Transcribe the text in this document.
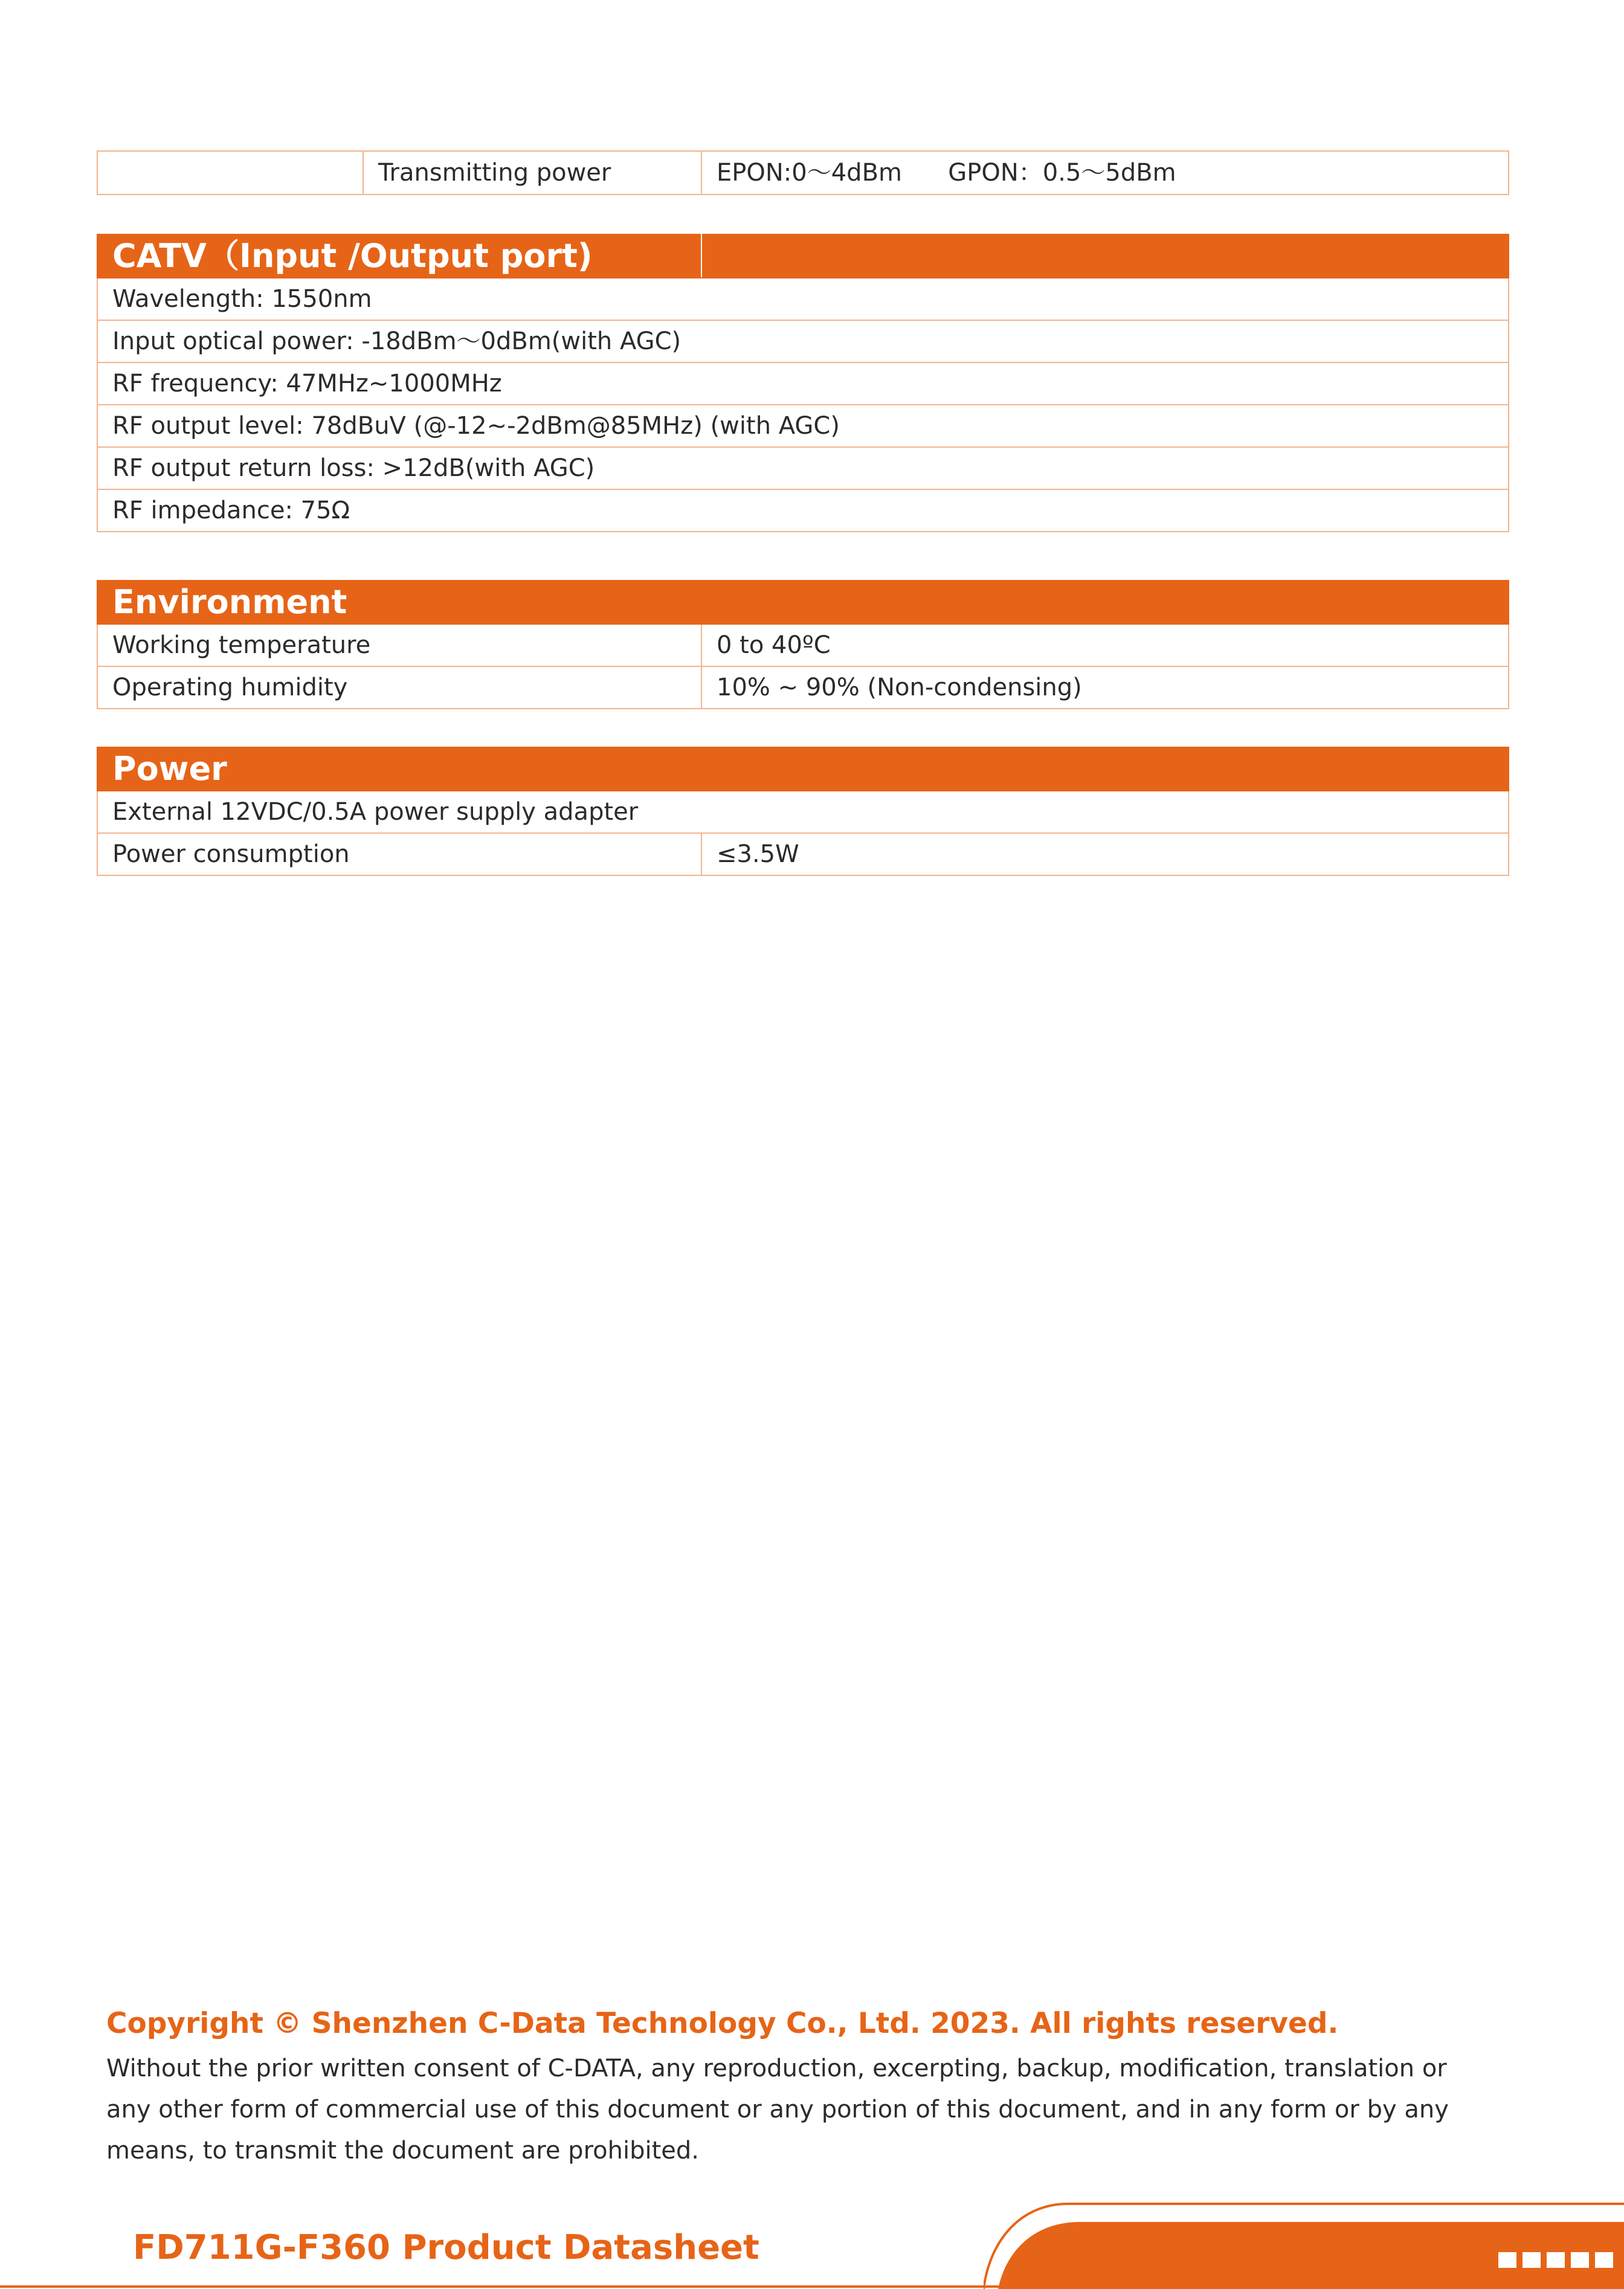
	Transmitting power	EPON:0～4dBm      GPON：0.5～5dBm
CATV（Input /Output port)	
Wavelength: 1550nm
Input optical power: -18dBm～0dBm(with AGC)
RF frequency: 47MHz~1000MHz
RF output level: 78dBuV (@-12~-2dBm@85MHz) (with AGC)
RF output return loss: >12dB(with AGC)
RF impedance: 75Ω
Environment	
Working temperature	0 to 40ºC
Operating humidity	10% ~ 90% (Non-condensing)
Power
External 12VDC/0.5A power supply adapter
Power consumption	≤3.5W
Copyright © Shenzhen C-Data Technology Co., Ltd. 2023. All rights reserved.
Without the prior written consent of C-DATA, any reproduction, excerpting, backup, modification, translation or any other form of commercial use of this document or any portion of this document, and in any form or by any means, to transmit the document are prohibited.
FD711G-F360 Product Datasheet
